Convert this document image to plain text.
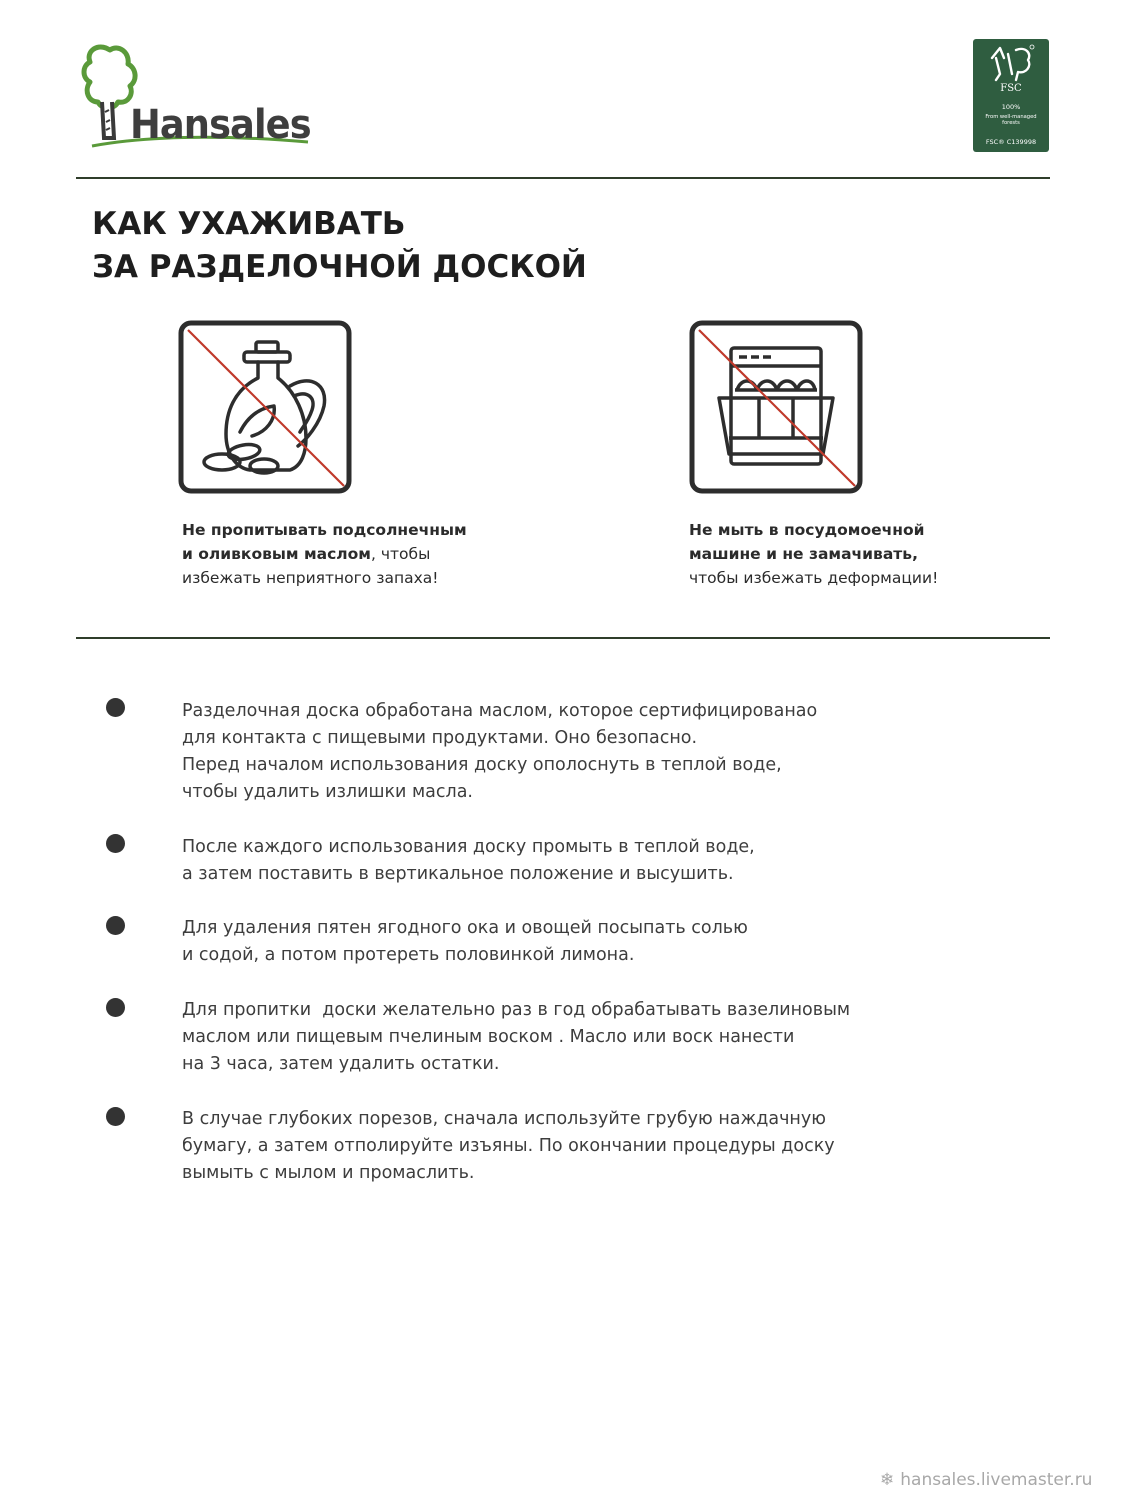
Hansales
FSC
100%
From well-managed forests
FSC® C139998
КАК УХАЖИВАТЬ
ЗА РАЗДЕЛОЧНОЙ ДОСКОЙ
Не пропитывать подсолнечным
и оливковым маслом, чтобы
избежать неприятного запаха!
Не мыть в посудомоечной
машине и не замачивать,
чтобы избежать деформации!
Разделочная доска обработана маслом, которое сертифицированао
для контакта с пищевыми продуктами. Оно безопасно.
Перед началом использования доску ополоснуть в теплой воде,
чтобы удалить излишки масла.
После каждого использования доску промыть в теплой воде,
а затем поставить в вертикальное положение и высушить.
Для удаления пятен ягодного ока и овощей посыпать солью
и содой, а потом протереть половинкой лимона.
Для пропитки  доски желательно раз в год обрабатывать вазелиновым
маслом или пищевым пчелиным воском . Масло или воск нанести
на 3 часа, затем удалить остатки.
В случае глубоких порезов, сначала используйте грубую наждачную
бумагу, а затем отполируйте изъяны. По окончании процедуры доску
вымыть с мылом и промаслить.
❄ hansales.livemaster.ru
